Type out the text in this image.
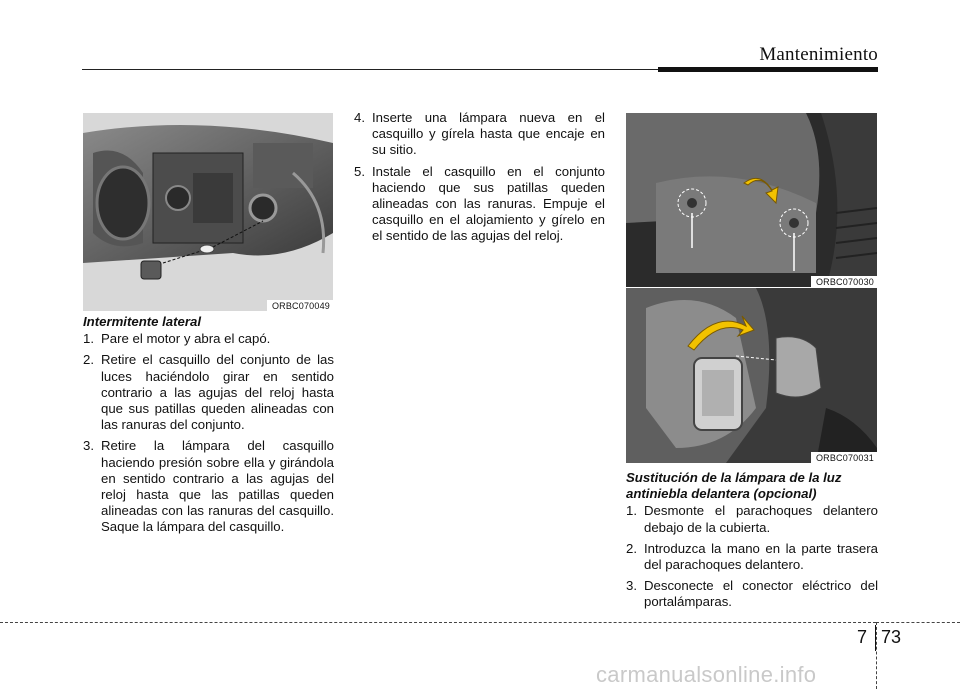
Mantenimiento
ORBC070049
ORBC070030
ORBC070031
Intermitente lateral
1. Pare el motor y abra el capó.
2. Retire el casquillo del conjunto de las luces haciéndolo girar en sentido contrario a las agujas del reloj hasta que sus patillas queden alineadas con las ranuras del conjunto.
3. Retire la lámpara del casquillo haciendo presión sobre ella y girándola en sentido contrario a las agujas del reloj hasta que las patillas queden alineadas con las ranuras del casquillo. Saque la lámpara del casquillo.
4. Inserte una lámpara nueva en el casquillo y gírela hasta que encaje en su sitio.
5. Instale el casquillo en el conjunto haciendo que sus patillas queden alineadas con las ranuras. Empuje el casquillo en el alojamiento y gírelo en el sentido de las agujas del reloj.
Sustitución de la lámpara de la luz antiniebla delantera (opcional)
1. Desmonte el parachoques delantero debajo de la cubierta.
2. Introduzca la mano en la parte trasera del parachoques delantero.
3. Desconecte el conector eléctrico del portalámparas.
7 73
carmanualsonline.info
